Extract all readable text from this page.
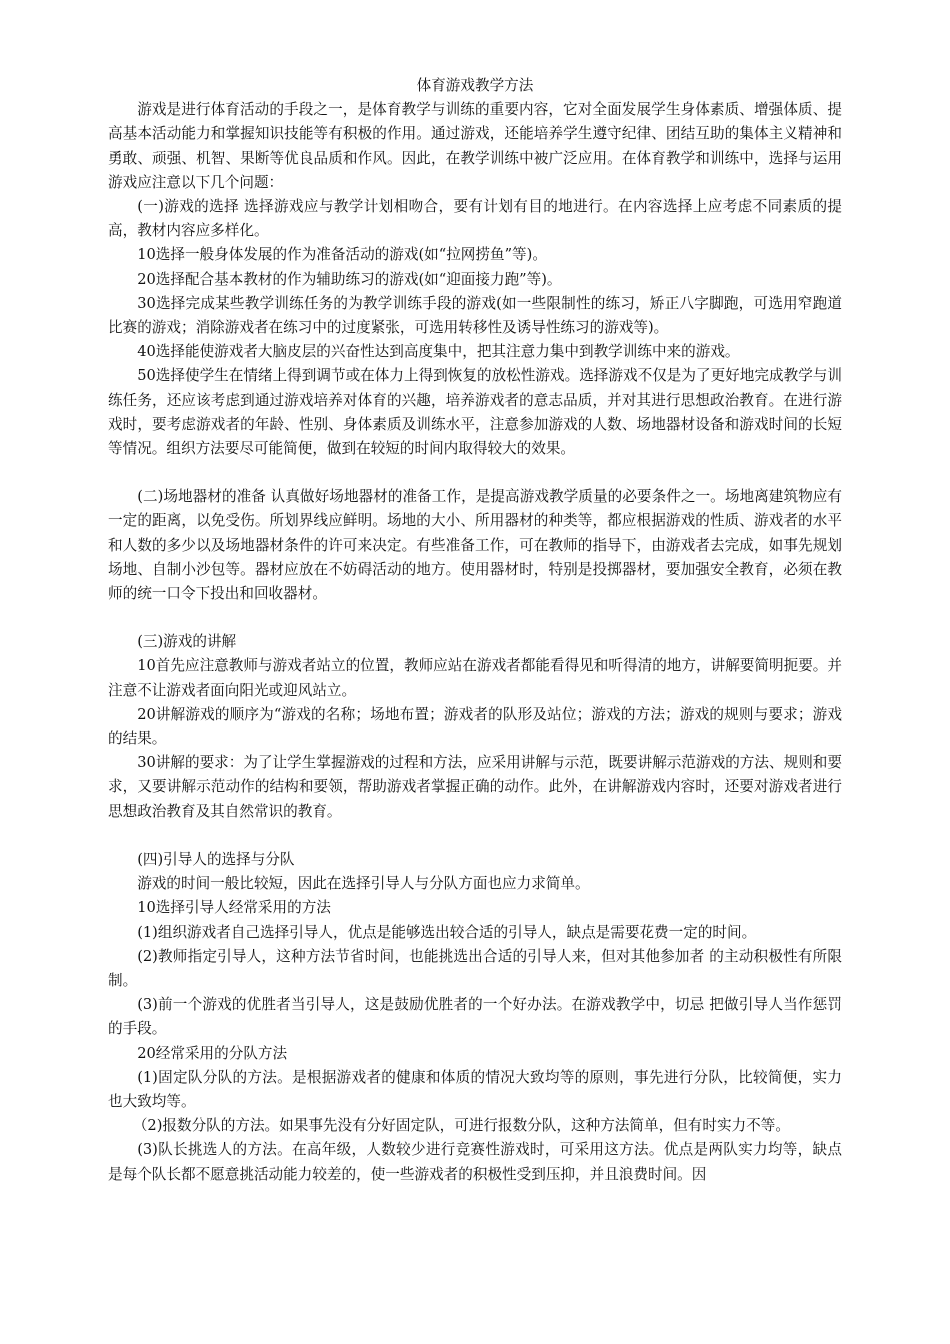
体育游戏教学方法

游戏是进行体育活动的手段之一，是体育教学与训练的重要内容，它对全面发展学生身体素质、增强体质、提高基本活动能力和掌握知识技能等有积极的作用。通过游戏，还能培养学生遵守纪律、团结互助的集体主义精神和勇敢、顽强、机智、果断等优良品质和作风。因此，在教学训练中被广泛应用。在体育教学和训练中，选择与运用游戏应注意以下几个问题：

(一)游戏的选择 选择游戏应与教学计划相吻合，要有计划有目的地进行。在内容选择上应考虑不同素质的提高，教材内容应多样化。

10选择一般身体发展的作为准备活动的游戏(如“拉网捞鱼”等)。

20选择配合基本教材的作为辅助练习的游戏(如“迎面接力跑”等)。

30选择完成某些教学训练任务的为教学训练手段的游戏(如一些限制性的练习，矫正八字脚跑，可选用窄跑道比赛的游戏；消除游戏者在练习中的过度紧张，可选用转移性及诱导性练习的游戏等)。

40选择能使游戏者大脑皮层的兴奋性达到高度集中，把其注意力集中到教学训练中来的游戏。

50选择使学生在情绪上得到调节或在体力上得到恢复的放松性游戏。选择游戏不仅是为了更好地完成教学与训练任务，还应该考虑到通过游戏培养对体育的兴趣，培养游戏者的意志品质，并对其进行思想政治教育。在进行游戏时，要考虑游戏者的年龄、性别、身体素质及训练水平，注意参加游戏的人数、场地器材设备和游戏时间的长短等情况。组织方法要尽可能简便，做到在较短的时间内取得较大的效果。

(二)场地器材的准备 认真做好场地器材的准备工作，是提高游戏教学质量的必要条件之一。场地离建筑物应有一定的距离，以免受伤。所划界线应鲜明。场地的大小、所用器材的种类等，都应根据游戏的性质、游戏者的水平和人数的多少以及场地器材条件的许可来决定。有些准备工作，可在教师的指导下，由游戏者去完成，如事先规划场地、自制小沙包等。器材应放在不妨碍活动的地方。使用器材时，特别是投掷器材，要加强安全教育，必须在教师的统一口令下投出和回收器材。

(三)游戏的讲解

10首先应注意教师与游戏者站立的位置，教师应站在游戏者都能看得见和听得清的地方，讲解要简明扼要。并注意不让游戏者面向阳光或迎风站立。

20讲解游戏的顺序为“游戏的名称；场地布置；游戏者的队形及站位；游戏的方法；游戏的规则与要求；游戏的结果。

30讲解的要求：为了让学生掌握游戏的过程和方法，应采用讲解与示范，既要讲解示范游戏的方法、规则和要求，又要讲解示范动作的结构和要领，帮助游戏者掌握正确的动作。此外，在讲解游戏内容时，还要对游戏者进行思想政治教育及其自然常识的教育。

(四)引导人的选择与分队

游戏的时间一般比较短，因此在选择引导人与分队方面也应力求简单。

10选择引导人经常采用的方法

(1)组织游戏者自己选择引导人，优点是能够选出较合适的引导人，缺点是需要花费一定的时间。

(2)教师指定引导人，这种方法节省时间，也能挑选出合适的引导人来，但对其他参加者 的主动积极性有所限制。

(3)前一个游戏的优胜者当引导人，这是鼓励优胜者的一个好办法。在游戏教学中，切忌 把做引导人当作惩罚的手段。

20经常采用的分队方法

(1)固定队分队的方法。是根据游戏者的健康和体质的情况大致均等的原则，事先进行分队，比较简便，实力也大致均等。

（2)报数分队的方法。如果事先没有分好固定队，可进行报数分队，这种方法简单，但有时实力不等。

(3)队长挑选人的方法。在高年级，人数较少进行竞赛性游戏时，可采用这方法。优点是两队实力均等，缺点是每个队长都不愿意挑活动能力较差的，使一些游戏者的积极性受到压抑，并且浪费时间。因
